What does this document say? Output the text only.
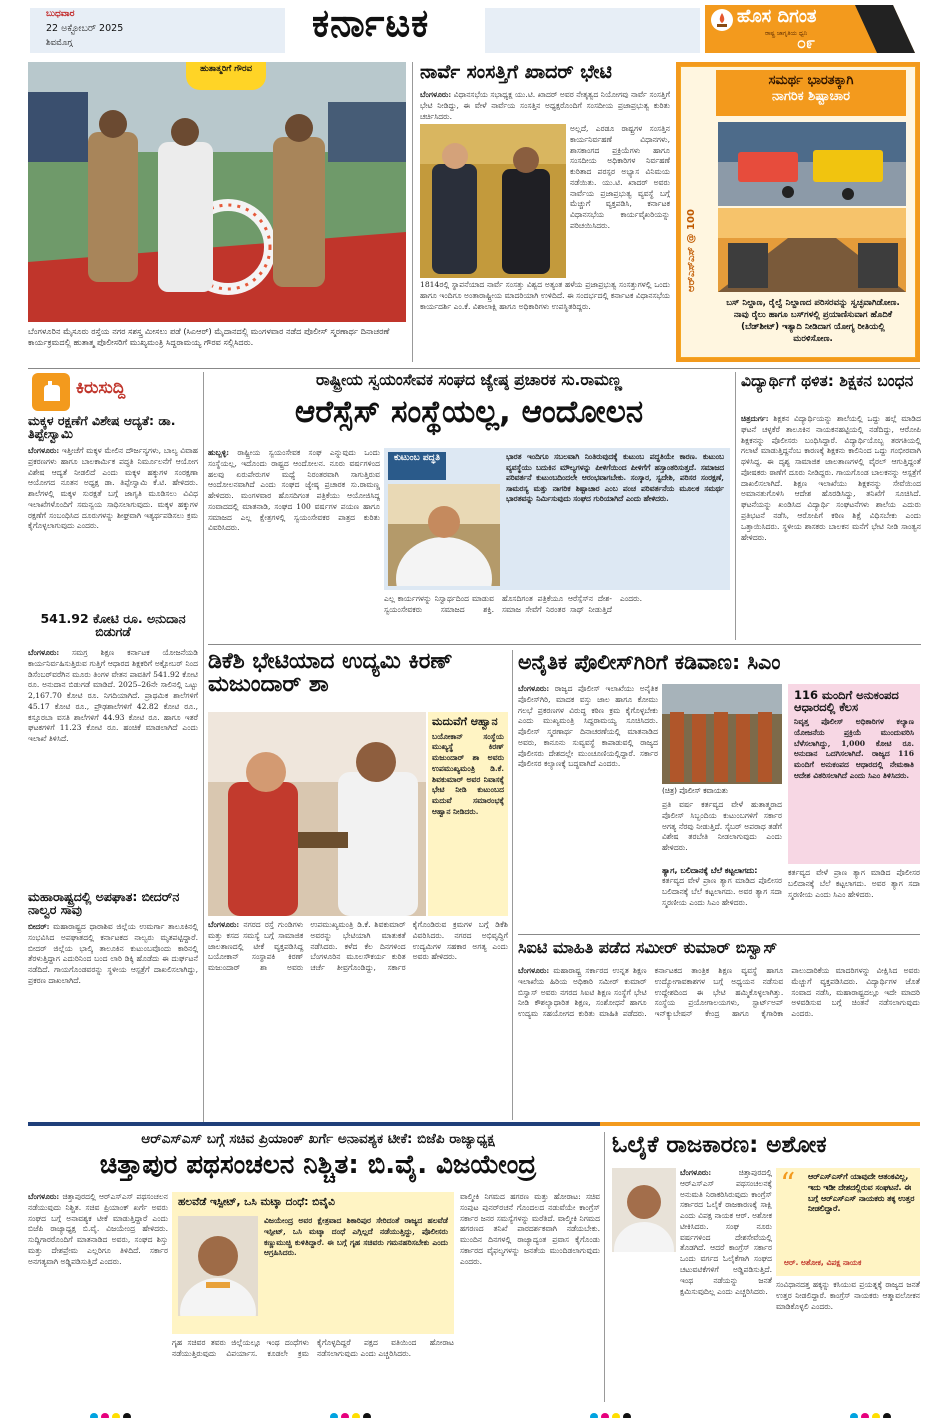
ಬುಧವಾರ
22 ಅಕ್ಟೋಬರ್ 2025
ಶಿವಮೊಗ್ಗ	ಕರ್ನಾಟಕ	ಹೊಸ ದಿಗಂತ
ರಾಷ್ಟ್ರ ಜಾಗೃತಿಯ ಧ್ವನಿ
೦೯
ಹುತಾತ್ಮರಿಗೆ ಗೌರವ
ಬೆಂಗಳೂರಿನ ಮೈಸೂರು ರಸ್ತೆಯ ನಗರ ಸಶಸ್ತ್ರ ಮೀಸಲು ಪಡೆ (ಸಿಎಆರ್) ಮೈದಾನದಲ್ಲಿ ಮಂಗಳವಾರ ನಡೆದ ಪೊಲೀಸ್ ಸ್ಮರಣಾರ್ಥ ದಿನಾಚರಣೆ ಕಾರ್ಯಕ್ರಮದಲ್ಲಿ ಹುತಾತ್ಮ ಪೊಲೀಸರಿಗೆ ಮುಖ್ಯಮಂತ್ರಿ ಸಿದ್ದರಾಮಯ್ಯ ಗೌರವ ಸಲ್ಲಿಸಿದರು.
ನಾರ್ವೆ ಸಂಸತ್ತಿಗೆ ಖಾದರ್ ಭೇಟಿ
ಬೆಂಗಳೂರು: ವಿಧಾನಸಭೆಯ ಸಭಾಧ್ಯಕ್ಷ ಯು.ಟಿ. ಖಾದರ್ ಅವರ ನೇತೃತ್ವದ ನಿಯೋಗವು ನಾರ್ವೆ ಸಂಸತ್ತಿಗೆ ಭೇಟಿ ನೀಡಿದ್ದು, ಈ ವೇಳೆ ನಾರ್ವೆಯ ಸಂಸತ್ತಿನ ಅಧ್ಯಕ್ಷರೊಂದಿಗೆ ಸಂಸದೀಯ ಪ್ರಜಾಪ್ರಭುತ್ವ ಕುರಿತು ಚರ್ಚಿಸಿದರು.
ಅಲ್ಲದೆ, ಎರಡೂ ರಾಷ್ಟ್ರಗಳ ಸಂಸತ್ತಿನ ಕಾರ್ಯನಿರ್ವಹಣೆ ವಿಧಾನಗಳು, ಶಾಸಕಾಂಗದ ಪ್ರಕ್ರಿಯೆಗಳು ಹಾಗೂ ಸಂಸದೀಯ ಅಧಿಕಾರಿಗಳ ನಿರ್ವಹಣೆ ಕುರಿತಾದ ಪರಸ್ಪರ ಅಭ್ಯಾಸ ವಿನಿಮಯ ನಡೆಯಿತು. ಯು.ಟಿ. ಖಾದರ್ ಅವರು ನಾರ್ವೆಯ ಪ್ರಜಾಪ್ರಭುತ್ವ ವ್ಯವಸ್ಥೆ ಬಗ್ಗೆ ಮೆಚ್ಚುಗೆ ವ್ಯಕ್ತಪಡಿಸಿ, ಕರ್ನಾಟಕ ವಿಧಾನಸಭೆಯ ಕಾರ್ಯವೈಖರಿಯನ್ನು ಪರಿಚಯಿಸಿದರು.
1814ರಲ್ಲಿ ಸ್ಥಾಪನೆಯಾದ ನಾರ್ವೆ ಸಂಸತ್ತು ವಿಶ್ವದ ಅತ್ಯಂತ ಹಳೆಯ ಪ್ರಜಾಪ್ರಭುತ್ವ ಸಂಸತ್ತುಗಳಲ್ಲಿ ಒಂದು ಹಾಗೂ ಇಂದಿಗೂ ಅಂತಾರಾಷ್ಟ್ರೀಯ ಮಾದರಿಯಾಗಿ ಉಳಿದಿದೆ. ಈ ಸಂದರ್ಭದಲ್ಲಿ ಕರ್ನಾಟಕ ವಿಧಾನಸಭೆಯ ಕಾರ್ಯದರ್ಶಿ ಎಂ.ಕೆ. ವಿಶಾಲಾಕ್ಷಿ ಹಾಗೂ ಅಧಿಕಾರಿಗಳು ಉಪಸ್ಥಿತರಿದ್ದರು.
ಸಮರ್ಥ ಭಾರತಕ್ಕಾಗಿ
ನಾಗರಿಕ ಶಿಷ್ಟಾಚಾರ
ಆರ್‌ಎಸ್‌ಎಸ್ @ 100
ಬಸ್ ನಿಲ್ದಾಣ, ರೈಲ್ವೆ ನಿಲ್ದಾಣದ ಪರಿಸರವನ್ನು ಸ್ವಚ್ಛವಾಗಿಡೋಣ. ನಾವು ರೈಲು ಹಾಗೂ ಬಸ್‌ಗಳಲ್ಲಿ ಪ್ರಯಾಣಿಸುವಾಗ ಹೊದಿಕೆ (ಬೆಡ್‌ಶೀಟ್) ಇತ್ಯಾದಿ ನೀಡಿದಾಗ ಯೋಗ್ಯ ರೀತಿಯಲ್ಲಿ ಮರಳಿಸೋಣ.
ಕಿರುಸುದ್ದಿ
ಮಕ್ಕಳ ರಕ್ಷಣೆಗೆ ವಿಶೇಷ ಆದ್ಯತೆ: ಡಾ. ತಿಪ್ಪೇಸ್ವಾಮಿ
ಬೆಂಗಳೂರು: ಇತ್ತೀಚೆಗೆ ಮಕ್ಕಳ ಮೇಲಿನ ದೌರ್ಜನ್ಯಗಳು, ಬಾಲ್ಯ ವಿವಾಹ ಪ್ರಕರಣಗಳು ಹಾಗೂ ಬಾಲಕಾರ್ಮಿಕ ಪದ್ಧತಿ ನಿರ್ಮೂಲನೆಗೆ ಆಯೋಗ ವಿಶೇಷ ಆದ್ಯತೆ ನೀಡಲಿದೆ ಎಂದು ಮಕ್ಕಳ ಹಕ್ಕುಗಳ ಸಂರಕ್ಷಣಾ ಆಯೋಗದ ನೂತನ ಅಧ್ಯಕ್ಷ ಡಾ. ತಿಪ್ಪೇಸ್ವಾಮಿ ಕೆ.ಟಿ. ಹೇಳಿದರು. ಶಾಲೆಗಳಲ್ಲಿ ಮಕ್ಕಳ ಸುರಕ್ಷತೆ ಬಗ್ಗೆ ಜಾಗೃತಿ ಮೂಡಿಸಲು ವಿವಿಧ ಇಲಾಖೆಗಳೊಂದಿಗೆ ಸಮನ್ವಯ ಸಾಧಿಸಲಾಗುವುದು. ಮಕ್ಕಳ ಹಕ್ಕುಗಳ ರಕ್ಷಣೆಗೆ ಸಂಬಂಧಿಸಿದ ದೂರುಗಳನ್ನು ಶೀಘ್ರವಾಗಿ ಇತ್ಯರ್ಥಪಡಿಸಲು ಕ್ರಮ ಕೈಗೊಳ್ಳಲಾಗುವುದು ಎಂದರು.
541.92 ಕೋಟಿ ರೂ. ಅನುದಾನ ಬಿಡುಗಡೆ
ಬೆಂಗಳೂರು: ಸಮಗ್ರ ಶಿಕ್ಷಣ ಕರ್ನಾಟಕ ಯೋಜನೆಯಡಿ ಕಾರ್ಯನಿರ್ವಹಿಸುತ್ತಿರುವ ಗುತ್ತಿಗೆ ಆಧಾರದ ಶಿಕ್ಷಕರಿಗೆ ಅಕ್ಟೋಬರ್ ನಿಂದ ಡಿಸೆಂಬರ್‌ವರೆಗಿನ ಮೂರು ತಿಂಗಳ ವೇತನ ಪಾವತಿಗೆ 541.92 ಕೋಟಿ ರೂ. ಅನುದಾನ ಬಿಡುಗಡೆ ಮಾಡಿದೆ. 2025–26ನೇ ಸಾಲಿನಲ್ಲಿ ಒಟ್ಟು 2,167.70 ಕೋಟಿ ರೂ. ನಿಗದಿಯಾಗಿದೆ. ಪ್ರಾಥಮಿಕ ಶಾಲೆಗಳಿಗೆ 45.17 ಕೋಟಿ ರೂ., ಪ್ರೌಢಶಾಲೆಗಳಿಗೆ 42.82 ಕೋಟಿ ರೂ., ಕಸ್ತೂರಬಾ ವಸತಿ ಶಾಲೆಗಳಿಗೆ 44.93 ಕೋಟಿ ರೂ. ಹಾಗೂ ಇತರೆ ಘಟಕಗಳಿಗೆ 11.23 ಕೋಟಿ ರೂ. ಹಂಚಿಕೆ ಮಾಡಲಾಗಿದೆ ಎಂದು ಇಲಾಖೆ ತಿಳಿಸಿದೆ.
ಮಹಾರಾಷ್ಟ್ರದಲ್ಲಿ ಅಪಘಾತ: ಬೀದರ್‌ನ ನಾಲ್ವರ ಸಾವು
ಬೀದರ್: ಮಹಾರಾಷ್ಟ್ರದ ಧಾರಾಶಿವ ಜಿಲ್ಲೆಯ ಉಮರ್ಗಾ ತಾಲೂಕಿನಲ್ಲಿ ಸಂಭವಿಸಿದ ಅಪಘಾತದಲ್ಲಿ ಕರ್ನಾಟಕದ ನಾಲ್ವರು ಮೃತಪಟ್ಟಿದ್ದಾರೆ. ಬೀದರ್ ಜಿಲ್ಲೆಯ ಭಾಲ್ಕಿ ತಾಲೂಕಿನ ಕುಟುಂಬವೊಂದು ಕಾರಿನಲ್ಲಿ ತೆರಳುತ್ತಿದ್ದಾಗ ಎದುರಿನಿಂದ ಬಂದ ಲಾರಿ ಡಿಕ್ಕಿ ಹೊಡೆದು ಈ ದುರ್ಘಟನೆ ನಡೆದಿದೆ. ಗಾಯಗೊಂಡವರನ್ನು ಸ್ಥಳೀಯ ಆಸ್ಪತ್ರೆಗೆ ದಾಖಲಿಸಲಾಗಿದ್ದು, ಪ್ರಕರಣ ದಾಖಲಾಗಿದೆ.
ರಾಷ್ಟ್ರೀಯ ಸ್ವಯಂಸೇವಕ ಸಂಘದ ಜ್ಯೇಷ್ಠ ಪ್ರಚಾರಕ ಸು.ರಾಮಣ್ಣ
ಆರೆಸ್ಸೆಸ್ ಸಂಸ್ಥೆಯಲ್ಲ, ಆಂದೋಲನ
ಹುಬ್ಬಳ್ಳಿ: ರಾಷ್ಟ್ರೀಯ ಸ್ವಯಂಸೇವಕ ಸಂಘ ಎನ್ನುವುದು ಒಂದು ಸಂಸ್ಥೆಯಲ್ಲ, ಇದೊಂದು ರಾಷ್ಟ್ರದ ಆಂದೋಲನ. ನೂರು ವರ್ಷಗಳಿಂದ ಹಲವು ಏರುಪೇರುಗಳ ಮಧ್ಯೆ ನಿರಂತರವಾಗಿ ಸಾಗುತ್ತಿರುವ ಆಂದೋಲನವಾಗಿದೆ ಎಂದು ಸಂಘದ ಜ್ಯೇಷ್ಠ ಪ್ರಚಾರಕ ಸು.ರಾಮಣ್ಣ ಹೇಳಿದರು. ಮಂಗಳವಾರ ಹೊಸದಿಗಂತ ಪತ್ರಿಕೆಯು ಆಯೋಜಿಸಿದ್ದ ಸಂವಾದದಲ್ಲಿ ಮಾತನಾಡಿ, ಸಂಘದ 100 ವರ್ಷಗಳ ಪಯಣ ಹಾಗೂ ಸಮಾಜದ ಎಲ್ಲ ಕ್ಷೇತ್ರಗಳಲ್ಲಿ ಸ್ವಯಂಸೇವಕರ ಪಾತ್ರದ ಕುರಿತು ವಿವರಿಸಿದರು.
ಕುಟುಂಬ ಪದ್ಧತಿ	ಭಾರತ ಇಂದಿಗೂ ಸಬಲವಾಗಿ ನಿಂತಿರುವುದಕ್ಕೆ ಕುಟುಂಬ ಪದ್ಧತಿಯೇ ಕಾರಣ. ಕುಟುಂಬ ವ್ಯವಸ್ಥೆಯು ಬದುಕಿನ ಮೌಲ್ಯಗಳನ್ನು ಪೀಳಿಗೆಯಿಂದ ಪೀಳಿಗೆಗೆ ಹಸ್ತಾಂತರಿಸುತ್ತದೆ. ಸಮಾಜದ ಪರಿವರ್ತನೆ ಕುಟುಂಬದಿಂದಲೇ ಆರಂಭವಾಗಬೇಕು. ಸಂಸ್ಕಾರ, ಸ್ವದೇಶಿ, ಪರಿಸರ ಸಂರಕ್ಷಣೆ, ಸಾಮರಸ್ಯ ಮತ್ತು ನಾಗರಿಕ ಶಿಷ್ಟಾಚಾರ ಎಂಬ ಪಂಚ ಪರಿವರ್ತನೆಯ ಮೂಲಕ ಸಮರ್ಥ ಭಾರತವನ್ನು ನಿರ್ಮಿಸುವುದು ಸಂಘದ ಗುರಿಯಾಗಿದೆ ಎಂದು ಹೇಳಿದರು.
ಎಲ್ಲ ಕಾರ್ಯಗಳನ್ನು ನಿಸ್ವಾರ್ಥದಿಂದ ಮಾಡುವ ಸ್ವಯಂಸೇವಕರು ಸಮಾಜದ ಶಕ್ತಿ. ಹೊಸದಿಗಂತ ಪತ್ರಿಕೆಯೂ ಆರೆಸ್ಸೆಸ್‌ನ ದೇಶ-ಸಮಾಜ ಸೇವೆಗೆ ನಿರಂತರ ಸಾಥ್ ನೀಡುತ್ತಿದೆ ಎಂದರು.
ವಿದ್ಯಾರ್ಥಿಗೆ ಥಳಿತ: ಶಿಕ್ಷಕನ ಬಂಧನ
ಚಿತ್ರದುರ್ಗ: ಶಿಕ್ಷಕನ ವಿದ್ಯಾರ್ಥಿಯನ್ನು ಶಾಲೆಯಲ್ಲಿ ಒದ್ದು ಹಲ್ಲೆ ಮಾಡಿದ ಘಟನೆ ಚಳ್ಳಕೆರೆ ತಾಲೂಕಿನ ನಾಯಕನಹಟ್ಟಿಯಲ್ಲಿ ನಡೆದಿದ್ದು, ಆರೋಪಿ ಶಿಕ್ಷಕನನ್ನು ಪೊಲೀಸರು ಬಂಧಿಸಿದ್ದಾರೆ. ವಿದ್ಯಾರ್ಥಿಯೊಬ್ಬ ತರಗತಿಯಲ್ಲಿ ಗಲಾಟೆ ಮಾಡುತ್ತಿದ್ದನೆಂಬ ಕಾರಣಕ್ಕೆ ಶಿಕ್ಷಕನು ಕಾಲಿನಿಂದ ಒದ್ದು ಗಂಭೀರವಾಗಿ ಥಳಿಸಿದ್ದ. ಈ ದೃಶ್ಯ ಸಾಮಾಜಿಕ ಜಾಲತಾಣಗಳಲ್ಲಿ ವೈರಲ್ ಆಗುತ್ತಿದ್ದಂತೆ ಪೋಷಕರು ಠಾಣೆಗೆ ದೂರು ನೀಡಿದ್ದರು. ಗಾಯಗೊಂಡ ಬಾಲಕನನ್ನು ಆಸ್ಪತ್ರೆಗೆ ದಾಖಲಿಸಲಾಗಿದೆ. ಶಿಕ್ಷಣ ಇಲಾಖೆಯು ಶಿಕ್ಷಕನನ್ನು ಸೇವೆಯಿಂದ ಅಮಾನತುಗೊಳಿಸಿ ಆದೇಶ ಹೊರಡಿಸಿದ್ದು, ತನಿಖೆಗೆ ಸೂಚಿಸಿದೆ. ಘಟನೆಯನ್ನು ಖಂಡಿಸಿದ ವಿದ್ಯಾರ್ಥಿ ಸಂಘಟನೆಗಳು ಶಾಲೆಯ ಎದುರು ಪ್ರತಿಭಟನೆ ನಡೆಸಿ, ಆರೋಪಿಗೆ ಕಠಿಣ ಶಿಕ್ಷೆ ವಿಧಿಸಬೇಕು ಎಂದು ಒತ್ತಾಯಿಸಿದರು. ಸ್ಥಳೀಯ ಶಾಸಕರು ಬಾಲಕನ ಮನೆಗೆ ಭೇಟಿ ನೀಡಿ ಸಾಂತ್ವನ ಹೇಳಿದರು.
ಡಿಕೆಶಿ ಭೇಟಿಯಾದ ಉದ್ಯಮಿ ಕಿರಣ್ ಮಜುಂದಾರ್ ಶಾ
ಮದುವೆಗೆ ಆಹ್ವಾನ
ಬಯೋಕಾನ್ ಸಂಸ್ಥೆಯ ಮುಖ್ಯಸ್ಥೆ ಕಿರಣ್ ಮಜುಂದಾರ್ ಶಾ ಅವರು ಉಪಮುಖ್ಯಮಂತ್ರಿ ಡಿ.ಕೆ. ಶಿವಕುಮಾರ್ ಅವರ ನಿವಾಸಕ್ಕೆ ಭೇಟಿ ನೀಡಿ ಕುಟುಂಬದ ಮದುವೆ ಸಮಾರಂಭಕ್ಕೆ ಆಹ್ವಾನ ನೀಡಿದರು.
ಬೆಂಗಳೂರು: ನಗರದ ರಸ್ತೆ ಗುಂಡಿಗಳು ಮತ್ತು ಕಸದ ಸಮಸ್ಯೆ ಬಗ್ಗೆ ಸಾಮಾಜಿಕ ಜಾಲತಾಣದಲ್ಲಿ ಟೀಕೆ ವ್ಯಕ್ತಪಡಿಸಿದ್ದ ಬಯೋಕಾನ್ ಸಂಸ್ಥಾಪಕಿ ಕಿರಣ್ ಮಜುಂದಾರ್ ಶಾ ಅವರು ಉಪಮುಖ್ಯಮಂತ್ರಿ ಡಿ.ಕೆ. ಶಿವಕುಮಾರ್ ಅವರನ್ನು ಭೇಟಿಯಾಗಿ ಮಾತುಕತೆ ನಡೆಸಿದರು. ಕಳೆದ ಕೆಲ ದಿನಗಳಿಂದ ಬೆಂಗಳೂರಿನ ಮೂಲಸೌಕರ್ಯ ಕುರಿತ ಚರ್ಚೆ ತೀವ್ರಗೊಂಡಿದ್ದು, ಸರ್ಕಾರ ಕೈಗೊಂಡಿರುವ ಕ್ರಮಗಳ ಬಗ್ಗೆ ಡಿಕೆಶಿ ವಿವರಿಸಿದರು. ನಗರದ ಅಭಿವೃದ್ಧಿಗೆ ಉದ್ಯಮಿಗಳ ಸಹಕಾರ ಅಗತ್ಯ ಎಂದು ಅವರು ಹೇಳಿದರು.
ಅನೈತಿಕ ಪೊಲೀಸ್‌ಗಿರಿಗೆ ಕಡಿವಾಣ: ಸಿಎಂ
ಬೆಂಗಳೂರು: ರಾಜ್ಯದ ಪೊಲೀಸ್ ಇಲಾಖೆಯು ಅನೈತಿಕ ಪೊಲೀಸ್‌ಗಿರಿ, ಮಾದಕ ವಸ್ತು ಜಾಲ ಹಾಗೂ ಕೋಮು ಗಲಭೆ ಪ್ರಕರಣಗಳ ವಿರುದ್ಧ ಕಠಿಣ ಕ್ರಮ ಕೈಗೊಳ್ಳಬೇಕು ಎಂದು ಮುಖ್ಯಮಂತ್ರಿ ಸಿದ್ದರಾಮಯ್ಯ ಸೂಚಿಸಿದರು. ಪೊಲೀಸ್ ಸ್ಮರಣಾರ್ಥ ದಿನಾಚರಣೆಯಲ್ಲಿ ಮಾತನಾಡಿದ ಅವರು, ಕಾನೂನು ಸುವ್ಯವಸ್ಥೆ ಕಾಪಾಡುವಲ್ಲಿ ರಾಜ್ಯದ ಪೊಲೀಸರು ದೇಶದಲ್ಲೇ ಮುಂಚೂಣಿಯಲ್ಲಿದ್ದಾರೆ. ಸರ್ಕಾರ ಪೊಲೀಸರ ಕಲ್ಯಾಣಕ್ಕೆ ಬದ್ಧವಾಗಿದೆ ಎಂದರು.
(ಚಿತ್ರ) ಪೊಲೀಸ್ ಕವಾಯತು
ಪ್ರತಿ ವರ್ಷ ಕರ್ತವ್ಯದ ವೇಳೆ ಹುತಾತ್ಮರಾದ ಪೊಲೀಸ್ ಸಿಬ್ಬಂದಿಯ ಕುಟುಂಬಗಳಿಗೆ ಸರ್ಕಾರ ಅಗತ್ಯ ನೆರವು ನೀಡುತ್ತಿದೆ. ಸೈಬರ್ ಅಪರಾಧ ತಡೆಗೆ ವಿಶೇಷ ತರಬೇತಿ ನೀಡಲಾಗುವುದು ಎಂದು ಹೇಳಿದರು.
ತ್ಯಾಗ, ಬಲಿದಾನಕ್ಕೆ ಬೆಲೆ ಕಟ್ಟಲಾಗದು:
ಕರ್ತವ್ಯದ ವೇಳೆ ಪ್ರಾಣ ತ್ಯಾಗ ಮಾಡಿದ ಪೊಲೀಸರ ಬಲಿದಾನಕ್ಕೆ ಬೆಲೆ ಕಟ್ಟಲಾಗದು. ಅವರ ತ್ಯಾಗ ಸದಾ ಸ್ಮರಣೀಯ ಎಂದು ಸಿಎಂ ಹೇಳಿದರು.
116 ಮಂದಿಗೆ ಅನುಕಂಪದ ಆಧಾರದಲ್ಲಿ ಕೆಲಸ
ನಿವೃತ್ತ ಪೊಲೀಸ್ ಅಧಿಕಾರಿಗಳ ಕಲ್ಯಾಣ ಯೋಜನೆಯ ಪ್ರಕ್ರಿಯೆ ಮುಂದುವರಿಸಿ ಬೆಳೆಸಲಾಗಿದ್ದು, 1,000 ಕೋಟಿ ರೂ. ಅನುದಾನ ಒದಗಿಸಲಾಗಿದೆ. ರಾಜ್ಯದ 116 ಮಂದಿಗೆ ಅನುಕಂಪದ ಆಧಾರದಲ್ಲಿ ನೇಮಕಾತಿ ಆದೇಶ ವಿತರಿಸಲಾಗಿದೆ ಎಂದು ಸಿಎಂ ತಿಳಿಸಿದರು.
ಕರ್ತವ್ಯದ ವೇಳೆ ಪ್ರಾಣ ತ್ಯಾಗ ಮಾಡಿದ ಪೊಲೀಸರ ಬಲಿದಾನಕ್ಕೆ ಬೆಲೆ ಕಟ್ಟಲಾಗದು. ಅವರ ತ್ಯಾಗ ಸದಾ ಸ್ಮರಣೀಯ ಎಂದು ಸಿಎಂ ಹೇಳಿದರು.
ಸಿಐಟಿ ಮಾಹಿತಿ ಪಡೆದ ಸಮೀರ್ ಕುಮಾರ್ ಬಿಸ್ವಾಸ್
ಬೆಂಗಳೂರು: ಮಹಾರಾಷ್ಟ್ರ ಸರ್ಕಾರದ ಉನ್ನತ ಶಿಕ್ಷಣ ಇಲಾಖೆಯ ಹಿರಿಯ ಅಧಿಕಾರಿ ಸಮೀರ್ ಕುಮಾರ್ ಬಿಸ್ವಾಸ್ ಅವರು ನಗರದ ಸಿಐಟಿ ಶಿಕ್ಷಣ ಸಂಸ್ಥೆಗೆ ಭೇಟಿ ನೀಡಿ ಕೌಶಲ್ಯಾಧಾರಿತ ಶಿಕ್ಷಣ, ಸಂಶೋಧನೆ ಹಾಗೂ ಉದ್ಯಮ ಸಹಯೋಗದ ಕುರಿತು ಮಾಹಿತಿ ಪಡೆದರು. ಕರ್ನಾಟಕದ ತಾಂತ್ರಿಕ ಶಿಕ್ಷಣ ವ್ಯವಸ್ಥೆ ಹಾಗೂ ಉದ್ಯೋಗಾವಕಾಶಗಳ ಬಗ್ಗೆ ಅಧ್ಯಯನ ನಡೆಸುವ ಉದ್ದೇಶದಿಂದ ಈ ಭೇಟಿ ಹಮ್ಮಿಕೊಳ್ಳಲಾಗಿತ್ತು. ಸಂಸ್ಥೆಯ ಪ್ರಯೋಗಾಲಯಗಳು, ಸ್ಟಾರ್ಟ್‌ಅಪ್ ಇನ್‌ಕ್ಯುಬೇಷನ್ ಕೇಂದ್ರ ಹಾಗೂ ಕೈಗಾರಿಕಾ ಪಾಲುದಾರಿಕೆಯ ಮಾದರಿಗಳನ್ನು ವೀಕ್ಷಿಸಿದ ಅವರು ಮೆಚ್ಚುಗೆ ವ್ಯಕ್ತಪಡಿಸಿದರು. ವಿದ್ಯಾರ್ಥಿಗಳ ಜೊತೆ ಸಂವಾದ ನಡೆಸಿ, ಮಹಾರಾಷ್ಟ್ರದಲ್ಲೂ ಇದೇ ಮಾದರಿ ಅಳವಡಿಸುವ ಬಗ್ಗೆ ಚಿಂತನೆ ನಡೆಸಲಾಗುವುದು ಎಂದರು.
ಆರ್‌ಎಸ್‌ಎಸ್ ಬಗ್ಗೆ ಸಚಿವ ಪ್ರಿಯಾಂಕ್ ಖರ್ಗೆ ಅನಾವಶ್ಯಕ ಟೀಕೆ: ಬಿಜೆಪಿ ರಾಜ್ಯಾಧ್ಯಕ್ಷ
ಚಿತ್ತಾಪುರ ಪಥಸಂಚಲನ ನಿಶ್ಚಿತ: ಬಿ.ವೈ. ವಿಜಯೇಂದ್ರ
ಬೆಂಗಳೂರು: ಚಿತ್ತಾಪುರದಲ್ಲಿ ಆರ್‌ಎಸ್‌ಎಸ್ ಪಥಸಂಚಲನ ನಡೆಯುವುದು ನಿಶ್ಚಿತ. ಸಚಿವ ಪ್ರಿಯಾಂಕ್ ಖರ್ಗೆ ಅವರು ಸಂಘದ ಬಗ್ಗೆ ಅನಾವಶ್ಯಕ ಟೀಕೆ ಮಾಡುತ್ತಿದ್ದಾರೆ ಎಂದು ಬಿಜೆಪಿ ರಾಜ್ಯಾಧ್ಯಕ್ಷ ಬಿ.ವೈ. ವಿಜಯೇಂದ್ರ ಹೇಳಿದರು. ಸುದ್ದಿಗಾರರೊಂದಿಗೆ ಮಾತನಾಡಿದ ಅವರು, ಸಂಘದ ಶಿಸ್ತು ಮತ್ತು ದೇಶಪ್ರೇಮ ಎಲ್ಲರಿಗೂ ತಿಳಿದಿದೆ. ಸರ್ಕಾರ ಅನಗತ್ಯವಾಗಿ ಅಡ್ಡಿಪಡಿಸುತ್ತಿದೆ ಎಂದರು.
ಹಲವೆಡೆ ಇಸ್ಪೀಟ್, ಒಸಿ ಮಟ್ಕಾ ದಂಧೆ: ಬಿವೈವಿ
ವಿಜಯೇಂದ್ರ ಅವರ ಕ್ಷೇತ್ರವಾದ ಶಿಕಾರಿಪುರ ಸೇರಿದಂತೆ ರಾಜ್ಯದ ಹಲವೆಡೆ ಇಸ್ಪೀಟ್, ಒಸಿ ಮಟ್ಕಾ ದಂಧೆ ಎಗ್ಗಿಲ್ಲದೆ ನಡೆಯುತ್ತಿದ್ದು, ಪೊಲೀಸರು ಕಣ್ಣುಮುಚ್ಚಿ ಕುಳಿತಿದ್ದಾರೆ. ಈ ಬಗ್ಗೆ ಗೃಹ ಸಚಿವರು ಗಮನಹರಿಸಬೇಕು ಎಂದು ಆಗ್ರಹಿಸಿದರು.
ಗೃಹ ಸಚಿವರ ತವರು ಜಿಲ್ಲೆಯಲ್ಲೂ ಇಂಥ ದಂಧೆಗಳು ನಡೆಯುತ್ತಿರುವುದು ವಿಪರ್ಯಾಸ. ಕೂಡಲೇ ಕ್ರಮ ಕೈಗೊಳ್ಳದಿದ್ದರೆ ಪಕ್ಷದ ವತಿಯಿಂದ ಹೋರಾಟ ನಡೆಸಲಾಗುವುದು ಎಂದು ಎಚ್ಚರಿಸಿದರು.
ವಾಲ್ಮೀಕಿ ನಿಗಮದ ಹಗರಣ ಮತ್ತು ಹೋರಾಟ: ಸಚಿವ ಸಂಪುಟ ಪುನರ್‌ರಚನೆ ಗೊಂದಲದ ನಡುವೆಯೇ ಕಾಂಗ್ರೆಸ್ ಸರ್ಕಾರ ಜನರ ಸಮಸ್ಯೆಗಳನ್ನು ಮರೆತಿದೆ. ವಾಲ್ಮೀಕಿ ನಿಗಮದ ಹಗರಣದ ತನಿಖೆ ಪಾರದರ್ಶಕವಾಗಿ ನಡೆಯಬೇಕು. ಮುಂದಿನ ದಿನಗಳಲ್ಲಿ ರಾಜ್ಯಾದ್ಯಂತ ಪ್ರವಾಸ ಕೈಗೊಂಡು ಸರ್ಕಾರದ ವೈಫಲ್ಯಗಳನ್ನು ಜನತೆಯ ಮುಂದಿಡಲಾಗುವುದು ಎಂದರು.
ಓಲೈಕೆ ರಾಜಕಾರಣ: ಅಶೋಕ
ಬೆಂಗಳೂರು:	ಚಿತ್ತಾಪುರದಲ್ಲಿ ಆರ್‌ಎಸ್‌ಎಸ್ ಪಥಸಂಚಲನಕ್ಕೆ ಅನುಮತಿ ನಿರಾಕರಿಸಿರುವುದು ಕಾಂಗ್ರೆಸ್ ಸರ್ಕಾರದ ಓಲೈಕೆ ರಾಜಕಾರಣಕ್ಕೆ ಸಾಕ್ಷಿ ಎಂದು ವಿಪಕ್ಷ ನಾಯಕ ಆರ್. ಅಶೋಕ ಟೀಕಿಸಿದರು. ಸಂಘ ನೂರು ವರ್ಷಗಳಿಂದ ದೇಶಸೇವೆಯಲ್ಲಿ ತೊಡಗಿದೆ. ಆದರೆ ಕಾಂಗ್ರೆಸ್ ಸರ್ಕಾರ ಒಂದು ವರ್ಗದ ಓಲೈಕೆಗಾಗಿ ಸಂಘದ ಚಟುವಟಿಕೆಗಳಿಗೆ ಅಡ್ಡಿಪಡಿಸುತ್ತಿದೆ. ಇಂಥ ನಡೆಯನ್ನು ಜನತೆ ಕ್ಷಮಿಸುವುದಿಲ್ಲ ಎಂದು ಎಚ್ಚರಿಸಿದರು.
“ ಆರ್‌ಎಸ್‌ಎಸ್‌ಗೆ ಯಾವುದೇ ಆತಂಕವಿಲ್ಲ, ಇದು ಇಡೀ ದೇಶದಲ್ಲಿರುವ ಸಂಘಟನೆ. ಈ ಬಗ್ಗೆ ಆರ್‌ಎಸ್‌ಎಸ್ ನಾಯಕರು ತಕ್ಕ ಉತ್ತರ ನೀಡಲಿದ್ದಾರೆ.
ಆರ್. ಅಶೋಕ, ವಿಪಕ್ಷ ನಾಯಕ
ಸಂವಿಧಾನದತ್ತ ಹಕ್ಕನ್ನು ಕಸಿಯುವ ಪ್ರಯತ್ನಕ್ಕೆ ರಾಜ್ಯದ ಜನತೆ ಉತ್ತರ ನೀಡಲಿದ್ದಾರೆ. ಕಾಂಗ್ರೆಸ್ ನಾಯಕರು ಆತ್ಮಾವಲೋಕನ ಮಾಡಿಕೊಳ್ಳಲಿ ಎಂದರು.
